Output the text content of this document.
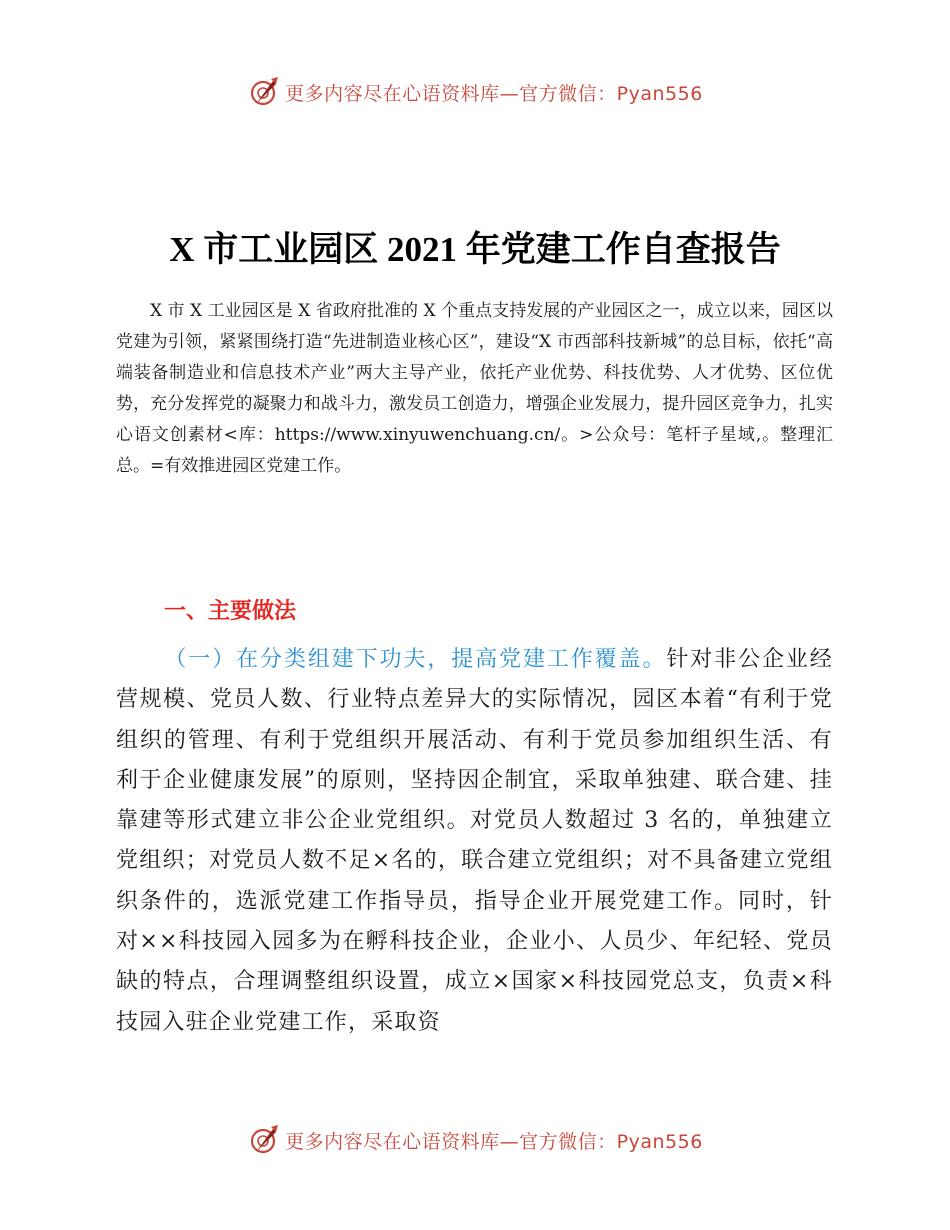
更多内容尽在心语资料库—官方微信：Pyan556
X 市工业园区 2021 年党建工作自查报告

X 市 X 工业园区是 X 省政府批准的 X 个重点支持发展的产业园区之一，成立以来，园区以党建为引领，紧紧围绕打造“先进制造业核心区”，建设“X 市西部科技新城”的总目标，依托“高端装备制造业和信息技术产业”两大主导产业，依托产业优势、科技优势、人才优势、区位优势，充分发挥党的凝聚力和战斗力，激发员工创造力，增强企业发展力，提升园区竞争力，扎实心语文创素材<库：https://www.xinyuwenchuang.cn/。>公众号：笔杆子星域,。整理汇总。=有效推进园区党建工作。

一、主要做法

（一）在分类组建下功夫，提高党建工作覆盖。针对非公企业经营规模、党员人数、行业特点差异大的实际情况，园区本着“有利于党组织的管理、有利于党组织开展活动、有利于党员参加组织生活、有利于企业健康发展”的原则，坚持因企制宜，采取单独建、联合建、挂靠建等形式建立非公企业党组织。对党员人数超过 3 名的，单独建立党组织；对党员人数不足×名的，联合建立党组织；对不具备建立党组织条件的，选派党建工作指导员，指导企业开展党建工作。同时，针对××科技园入园多为在孵科技企业，企业小、人员少、年纪轻、党员缺的特点，合理调整组织设置，成立×国家×科技园党总支，负责×科技园入驻企业党建工作，采取资

更多内容尽在心语资料库—官方微信：Pyan556
